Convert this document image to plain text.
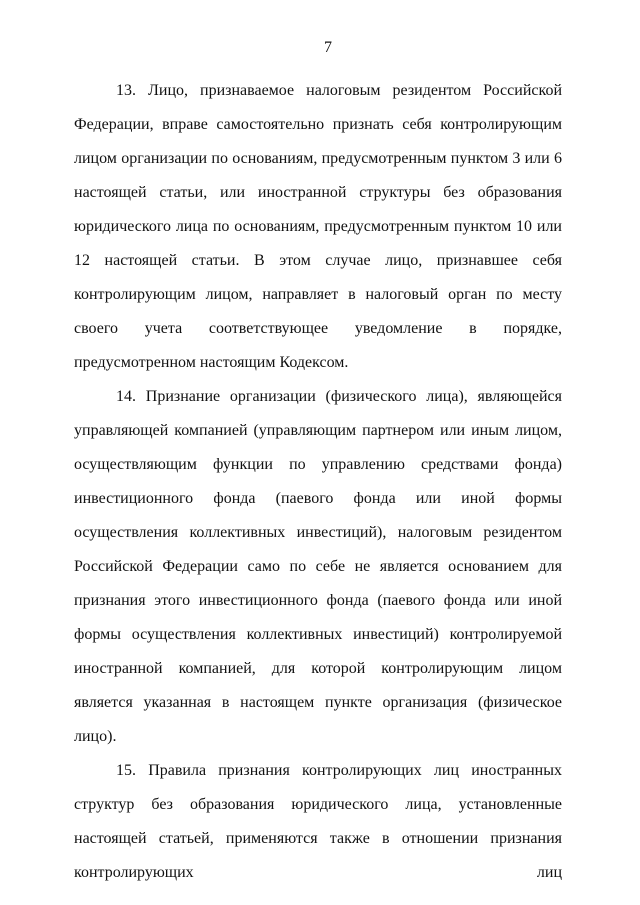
7

13. Лицо, признаваемое налоговым резидентом Российской Федерации, вправе самостоятельно признать себя контролирующим лицом организации по основаниям, предусмотренным пунктом 3 или 6 настоящей статьи, или иностранной структуры без образования юридического лица по основаниям, предусмотренным пунктом 10 или 12 настоящей статьи. В этом случае лицо, признавшее себя контролирующим лицом, направляет в налоговый орган по месту своего учета соответствующее уведомление в порядке, предусмотренном настоящим Кодексом.

14. Признание организации (физического лица), являющейся управляющей компанией (управляющим партнером или иным лицом, осуществляющим функции по управлению средствами фонда) инвестиционного фонда (паевого фонда или иной формы осуществления коллективных инвестиций), налоговым резидентом Российской Федерации само по себе не является основанием для признания этого инвестиционного фонда (паевого фонда или иной формы осуществления коллективных инвестиций) контролируемой иностранной компанией, для которой контролирующим лицом является указанная в настоящем пункте организация (физическое лицо).

15. Правила признания контролирующих лиц иностранных структур без образования юридического лица, установленные настоящей статьей, применяются также в отношении признания контролирующих лиц
